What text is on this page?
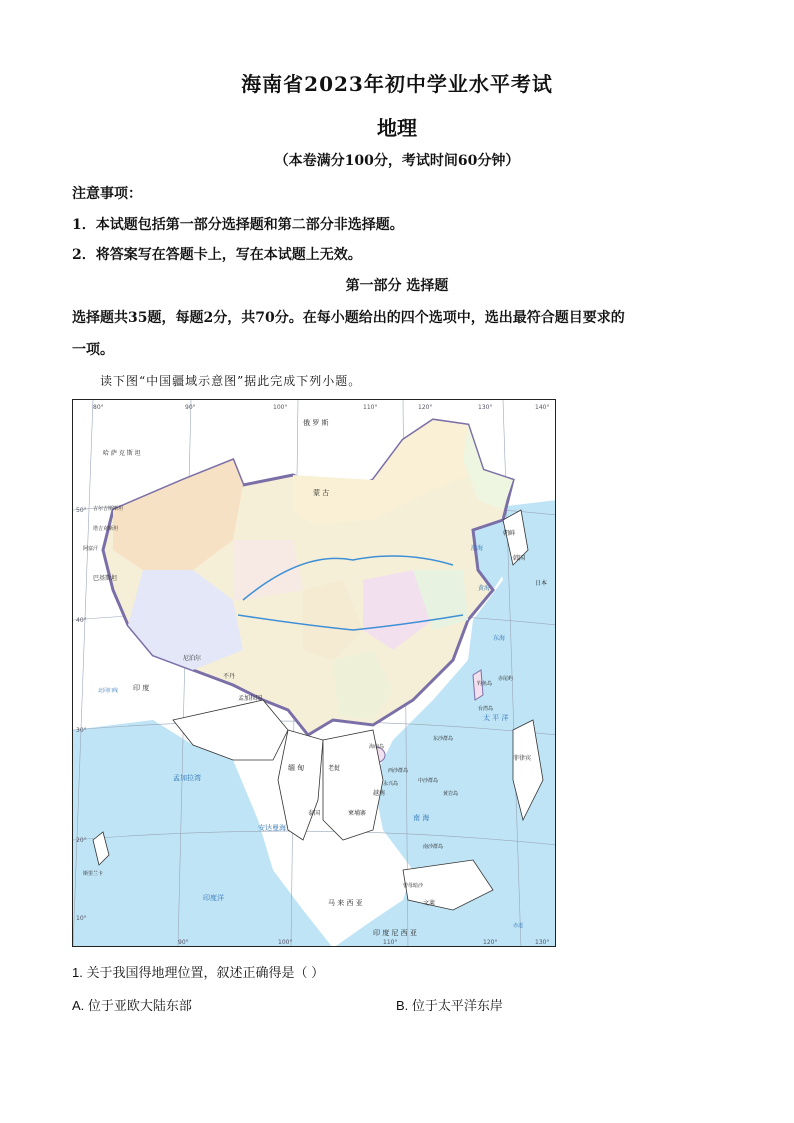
海南省2023年初中学业水平考试
地理
（本卷满分100分，考试时间60分钟）
注意事项：
1．本试题包括第一部分选择题和第二部分非选择题。
2．将答案写在答题卡上，写在本试题上无效。
第一部分 选择题
选择题共35题，每题2分，共70分。在每小题给出的四个选项中，选出最符合题目要求的
一项。
读下图“中国疆域示意图”据此完成下列小题。
80°	90°	100°	110°	120°	130°	140°
90°	100°	110°	120°	130°
50°
40°
30°
20°
10°
俄 罗 斯
蒙 古
哈 萨 克 斯 坦
吉尔吉斯斯坦
塔吉克斯坦
阿富汗
巴基斯坦
印 度
尼泊尔
不丹
孟加拉国
缅 甸	老挝
泰国	柬埔寨
越南
马 来 西 亚	文莱
菲律宾
印 度 尼 西 亚
朝鲜
韩国
日本
斯里兰卡
孟加拉湾
安达曼海
印度洋
太 平 洋
渤海
黄海
东海
南 海
北回归线
赤道
钓鱼岛
赤尾屿
台湾岛
海南岛
东沙群岛
西沙群岛
中沙群岛
黄岩岛
永兴岛
南沙群岛
曾母暗沙
1. 关于我国得地理位置，叙述正确得是（ ）
A. 位于亚欧大陆东部	B. 位于太平洋东岸
